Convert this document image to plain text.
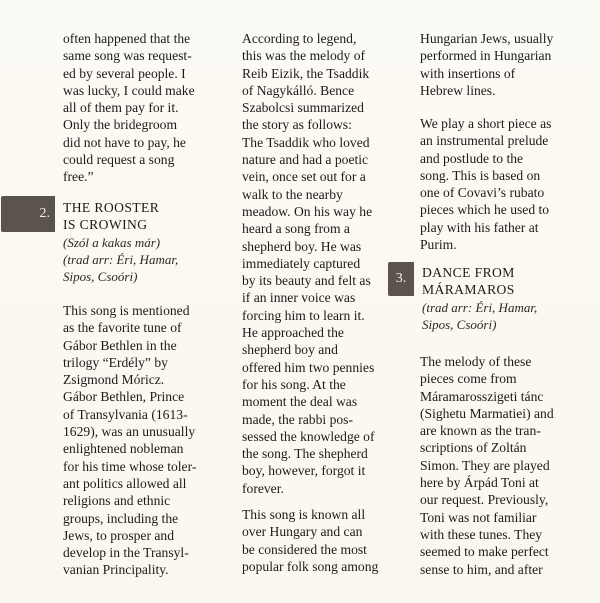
often happened that the
same song was request-
ed by several people. I
was lucky, I could make
all of them pay for it.
Only the bridegroom
did not have to pay, he
could request a song
free.”
2. THE ROOSTER
IS CROWING
(Szól a kakas már)
(trad arr: Éri, Hamar,
Sipos, Csoóri)
This song is mentioned
as the favorite tune of
Gábor Bethlen in the
trilogy “Erdély” by
Zsigmond Móricz.
Gábor Bethlen, Prince
of Transylvania (1613-
1629), was an unusually
enlightened nobleman
for his time whose toler-
ant politics allowed all
religions and ethnic
groups, including the
Jews, to prosper and
develop in the Transyl-
vanian Principality.
According to legend,
this was the melody of
Reib Eizik, the Tsaddik
of Nagykálló. Bence
Szabolcsi summarized
the story as follows:
The Tsaddik who loved
nature and had a poetic
vein, once set out for a
walk to the nearby
meadow. On his way he
heard a song from a
shepherd boy. He was
immediately captured
by its beauty and felt as
if an inner voice was
forcing him to learn it.
He approached the
shepherd boy and
offered him two pennies
for his song. At the
moment the deal was
made, the rabbi pos-
sessed the knowledge of
the song. The shepherd
boy, however, forgot it
forever.
This song is known all
over Hungary and can
be considered the most
popular folk song among
Hungarian Jews, usually
performed in Hungarian
with insertions of
Hebrew lines.
We play a short piece as
an instrumental prelude
and postlude to the
song. This is based on
one of Covavi’s rubato
pieces which he used to
play with his father at
Purim.
3.	DANCE FROM
MÁRAMAROS
(trad arr: Éri, Hamar,
Sipos, Csoóri)
The melody of these
pieces come from
Máramarosszigeti tánc
(Sighetu Marmatiei) and
are known as the tran-
scriptions of Zoltán
Simon. They are played
here by Árpád Toni at
our request. Previously,
Toni was not familiar
with these tunes. They
seemed to make perfect
sense to him, and after
